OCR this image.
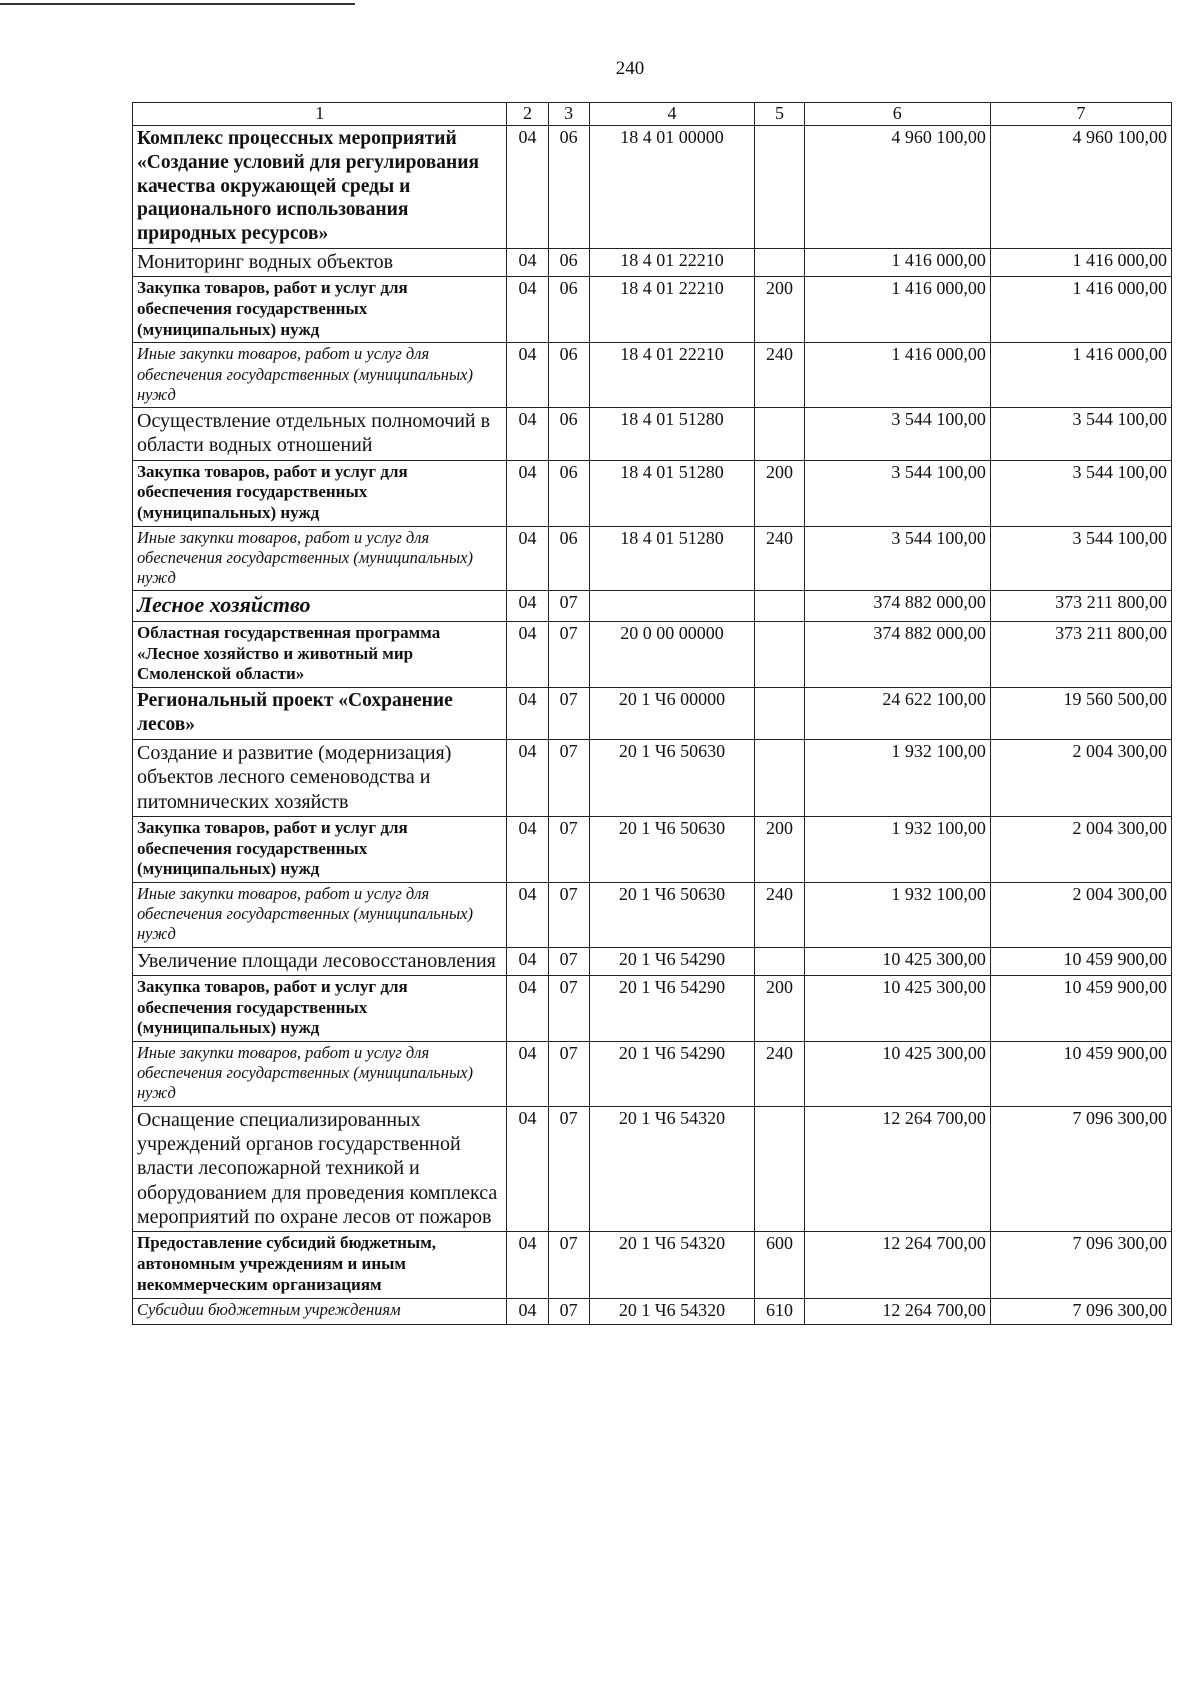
240
1	2	3	4	5	6	7
Комплекс процессных мероприятий «Создание условий для регулирования качества окружающей среды и рационального использования природных ресурсов»	04	06	18 4 01 00000		4 960 100,00	4 960 100,00
Мониторинг водных объектов	04	06	18 4 01 22210		1 416 000,00	1 416 000,00
Закупка товаров, работ и услуг для обеспечения государственных (муниципальных) нужд	04	06	18 4 01 22210	200	1 416 000,00	1 416 000,00
Иные закупки товаров, работ и услуг для обеспечения государственных (муниципальных) нужд	04	06	18 4 01 22210	240	1 416 000,00	1 416 000,00
Осуществление отдельных полномочий в области водных отношений	04	06	18 4 01 51280		3 544 100,00	3 544 100,00
Закупка товаров, работ и услуг для обеспечения государственных (муниципальных) нужд	04	06	18 4 01 51280	200	3 544 100,00	3 544 100,00
Иные закупки товаров, работ и услуг для обеспечения государственных (муниципальных) нужд	04	06	18 4 01 51280	240	3 544 100,00	3 544 100,00
Лесное хозяйство	04	07			374 882 000,00	373 211 800,00
Областная государственная программа «Лесное хозяйство и животный мир Смоленской области»	04	07	20 0 00 00000		374 882 000,00	373 211 800,00
Региональный проект «Сохранение лесов»	04	07	20 1 Ч6 00000		24 622 100,00	19 560 500,00
Создание и развитие (модернизация) объектов лесного семеноводства и питомнических хозяйств	04	07	20 1 Ч6 50630		1 932 100,00	2 004 300,00
Закупка товаров, работ и услуг для обеспечения государственных (муниципальных) нужд	04	07	20 1 Ч6 50630	200	1 932 100,00	2 004 300,00
Иные закупки товаров, работ и услуг для обеспечения государственных (муниципальных) нужд	04	07	20 1 Ч6 50630	240	1 932 100,00	2 004 300,00
Увеличение площади лесовосстановления	04	07	20 1 Ч6 54290		10 425 300,00	10 459 900,00
Закупка товаров, работ и услуг для обеспечения государственных (муниципальных) нужд	04	07	20 1 Ч6 54290	200	10 425 300,00	10 459 900,00
Иные закупки товаров, работ и услуг для обеспечения государственных (муниципальных) нужд	04	07	20 1 Ч6 54290	240	10 425 300,00	10 459 900,00
Оснащение специализированных учреждений органов государственной власти лесопожарной техникой и оборудованием для проведения комплекса мероприятий по охране лесов от пожаров	04	07	20 1 Ч6 54320		12 264 700,00	7 096 300,00
Предоставление субсидий бюджетным, автономным учреждениям и иным некоммерческим организациям	04	07	20 1 Ч6 54320	600	12 264 700,00	7 096 300,00
Субсидии бюджетным учреждениям	04	07	20 1 Ч6 54320	610	12 264 700,00	7 096 300,00
